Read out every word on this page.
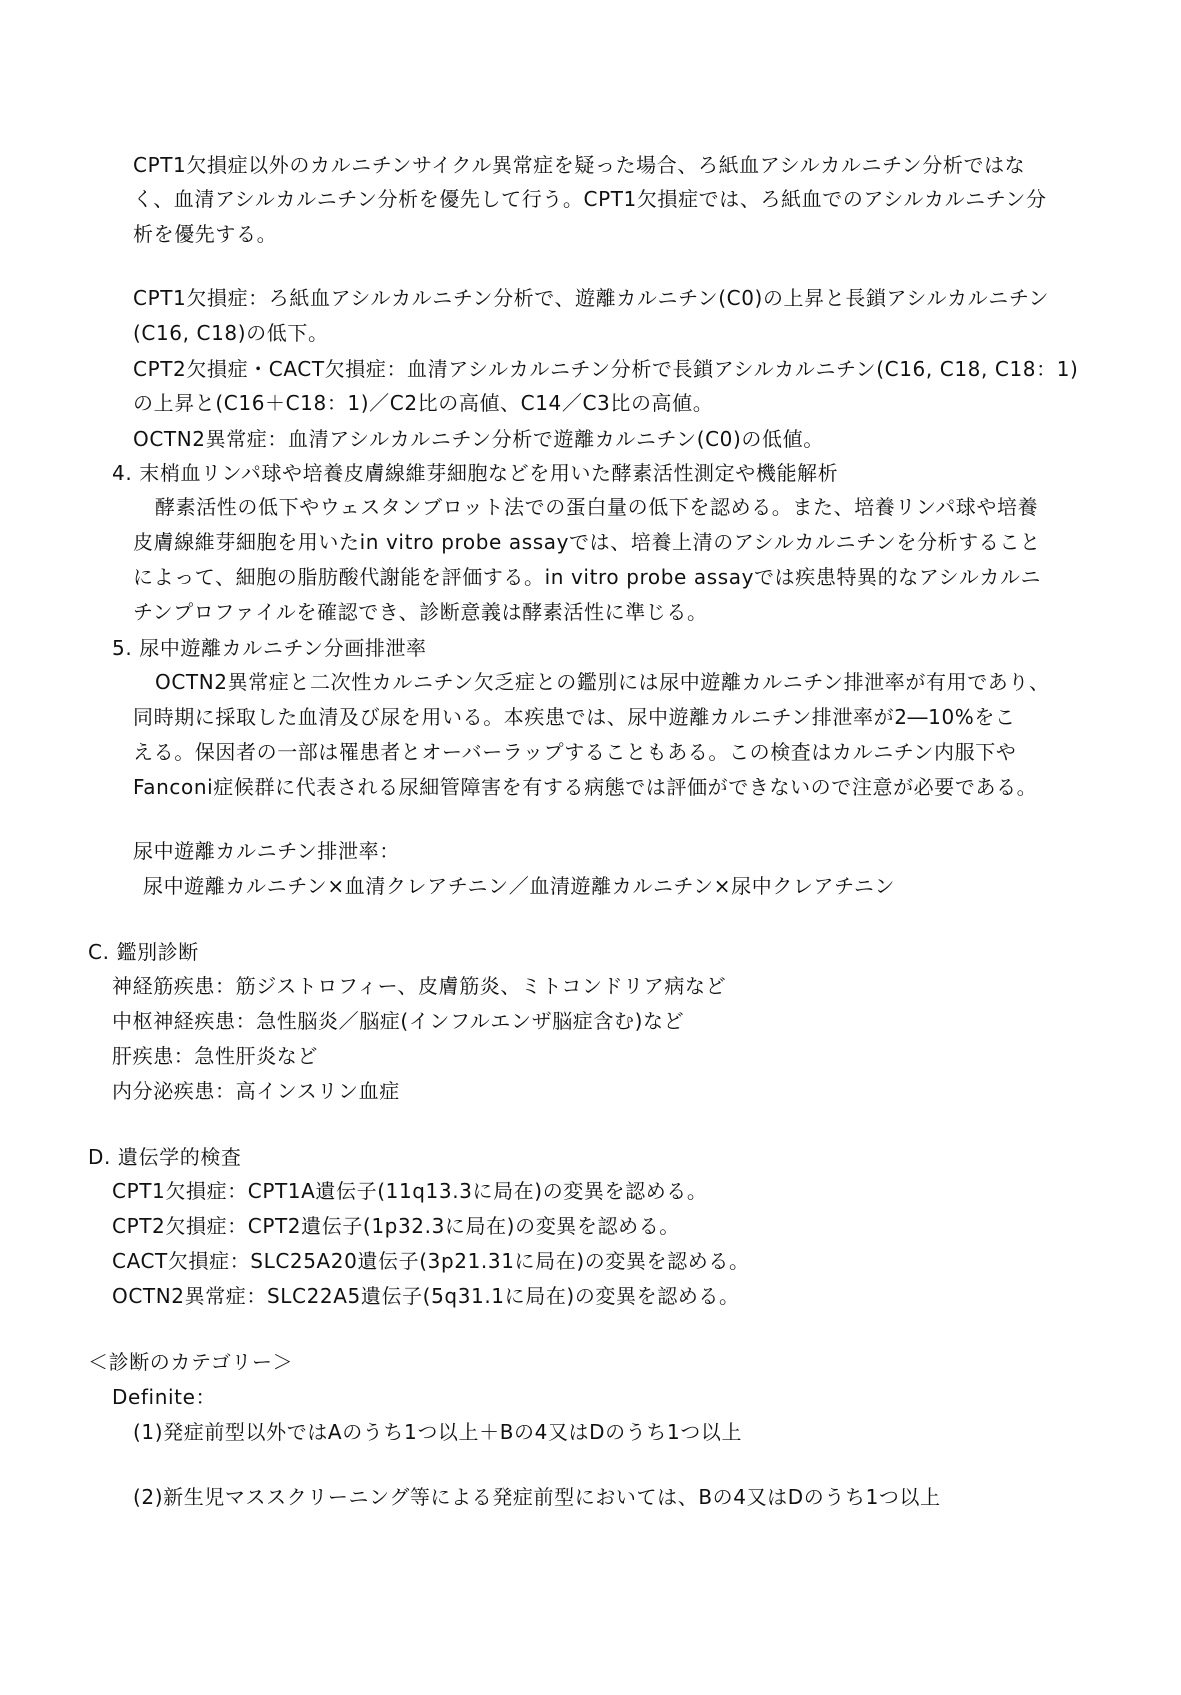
CPT1欠損症以外のカルニチンサイクル異常症を疑った場合、ろ紙血アシルカルニチン分析ではな
く、血清アシルカルニチン分析を優先して行う。CPT1欠損症では、ろ紙血でのアシルカルニチン分
析を優先する。
CPT1欠損症：ろ紙血アシルカルニチン分析で、遊離カルニチン(C0)の上昇と長鎖アシルカルニチン
(C16, C18)の低下。
CPT2欠損症・CACT欠損症：血清アシルカルニチン分析で長鎖アシルカルニチン(C16, C18, C18：1)
の上昇と(C16＋C18：1)／C2比の高値、C14／C3比の高値。
OCTN2異常症：血清アシルカルニチン分析で遊離カルニチン(C0)の低値。
4. 末梢血リンパ球や培養皮膚線維芽細胞などを用いた酵素活性測定や機能解析
酵素活性の低下やウェスタンブロット法での蛋白量の低下を認める。また、培養リンパ球や培養
皮膚線維芽細胞を用いたin vitro probe assayでは、培養上清のアシルカルニチンを分析すること
によって、細胞の脂肪酸代謝能を評価する。in vitro probe assayでは疾患特異的なアシルカルニ
チンプロファイルを確認でき、診断意義は酵素活性に準じる。
5. 尿中遊離カルニチン分画排泄率
OCTN2異常症と二次性カルニチン欠乏症との鑑別には尿中遊離カルニチン排泄率が有用であり、
同時期に採取した血清及び尿を用いる。本疾患では、尿中遊離カルニチン排泄率が2―10%をこ
える。保因者の一部は罹患者とオーバーラップすることもある。この検査はカルニチン内服下や
Fanconi症候群に代表される尿細管障害を有する病態では評価ができないので注意が必要である。
尿中遊離カルニチン排泄率：
尿中遊離カルニチン×血清クレアチニン／血清遊離カルニチン×尿中クレアチニン
C. 鑑別診断
神経筋疾患：筋ジストロフィー、皮膚筋炎、ミトコンドリア病など
中枢神経疾患：急性脳炎／脳症(インフルエンザ脳症含む)など
肝疾患：急性肝炎など
内分泌疾患：高インスリン血症
D. 遺伝学的検査
CPT1欠損症：CPT1A遺伝子(11q13.3に局在)の変異を認める。
CPT2欠損症：CPT2遺伝子(1p32.3に局在)の変異を認める。
CACT欠損症：SLC25A20遺伝子(3p21.31に局在)の変異を認める。
OCTN2異常症：SLC22A5遺伝子(5q31.1に局在)の変異を認める。
＜診断のカテゴリー＞
Definite：
(1)発症前型以外ではAのうち1つ以上＋Bの4又はDのうち1つ以上
(2)新生児マススクリーニング等による発症前型においては、Bの4又はDのうち1つ以上
